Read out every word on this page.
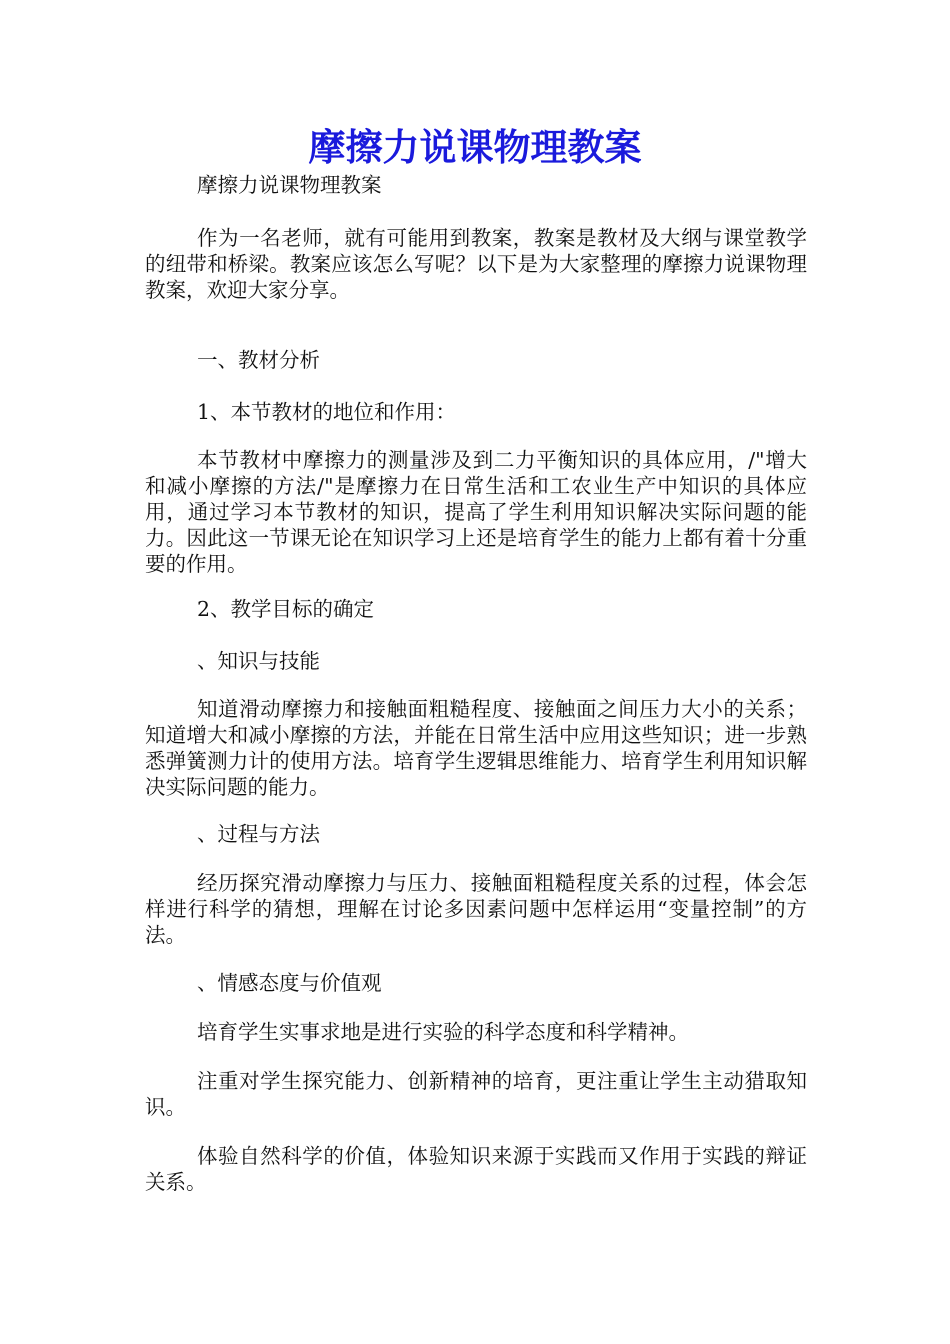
摩擦力说课物理教案

摩擦力说课物理教案

作为一名老师，就有可能用到教案，教案是教材及大纲与课堂教学的纽带和桥梁。教案应该怎么写呢？以下是为大家整理的摩擦力说课物理教案，欢迎大家分享。

一、教材分析

1、本节教材的地位和作用：

本节教材中摩擦力的测量涉及到二力平衡知识的具体应用，/"增大和减小摩擦的方法/"是摩擦力在日常生活和工农业生产中知识的具体应用，通过学习本节教材的知识，提高了学生利用知识解决实际问题的能力。因此这一节课无论在知识学习上还是培育学生的能力上都有着十分重要的作用。

2、教学目标的确定

、知识与技能

知道滑动摩擦力和接触面粗糙程度、接触面之间压力大小的关系；知道增大和减小摩擦的方法，并能在日常生活中应用这些知识；进一步熟悉弹簧测力计的使用方法。培育学生逻辑思维能力、培育学生利用知识解决实际问题的能力。

、过程与方法

经历探究滑动摩擦力与压力、接触面粗糙程度关系的过程，体会怎样进行科学的猜想，理解在讨论多因素问题中怎样运用“变量控制”的方法。

、情感态度与价值观

培育学生实事求地是进行实验的科学态度和科学精神。

注重对学生探究能力、创新精神的培育，更注重让学生主动猎取知识。

体验自然科学的价值，体验知识来源于实践而又作用于实践的辩证关系。
